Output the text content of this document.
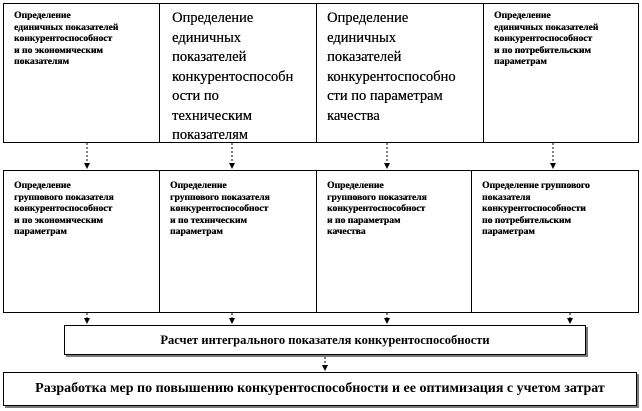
Определение
единичных показателей
конкурентоспособност
и по экономическим
показателям
Определение
единичных
показателей
конкурентоспособн
ости по
техническим
показателям
Определение
единичных
показателей
конкурентоспособно
сти по параметрам
качества
Определение
единичных показателей
конкурентоспособност
и по потребительским
параметрам
Определение
группового показателя
конкурентоспособност
и по экономическим
параметрам
Определение
группового показателя
конкурентоспособност
и по техническим
параметрам
Определение
группового показателя
конкурентоспособност
и по параметрам
качества
Определение группового
показателя
конкурентоспособности
по потребительским
параметрам
Расчет интегрального показателя конкурентоспособности
Разработка мер по повышению конкурентоспособности и ее оптимизация с учетом затрат
